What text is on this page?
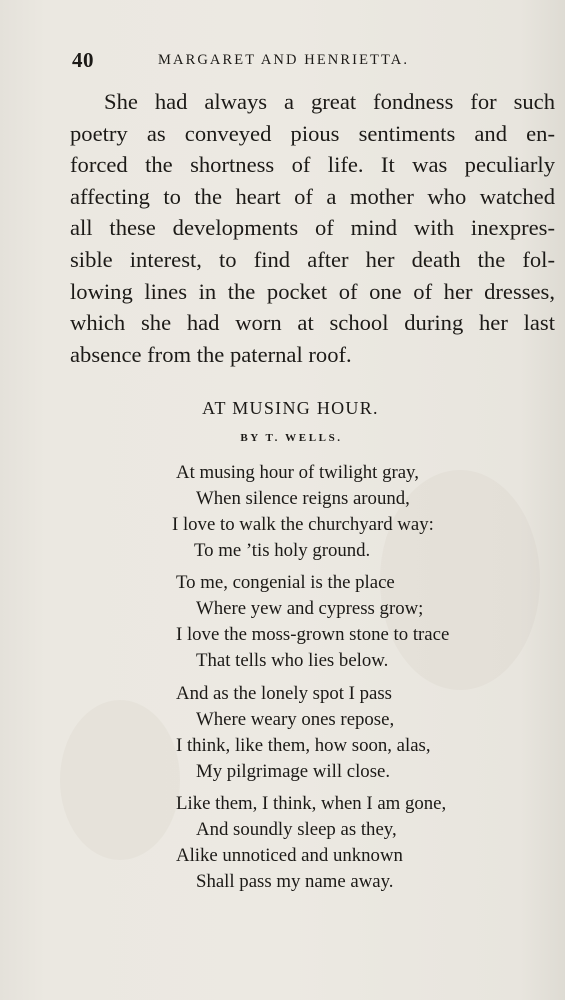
40	MARGARET AND HENRIETTA.
She had always a great fondness for such
poetry as conveyed pious sentiments and en-
forced the shortness of life. It was peculiarly
affecting to the heart of a mother who watched
all these developments of mind with inexpres-
sible interest, to find after her death the fol-
lowing lines in the pocket of one of her dresses,
which she had worn at school during her last
absence from the paternal roof.
AT MUSING HOUR.
BY T. WELLS.
At musing hour of twilight gray,
When silence reigns around,
I love to walk the churchyard way:
To me ’tis holy ground.
To me, congenial is the place
Where yew and cypress grow;
I love the moss-grown stone to trace
That tells who lies below.
And as the lonely spot I pass
Where weary ones repose,
I think, like them, how soon, alas,
My pilgrimage will close.
Like them, I think, when I am gone,
And soundly sleep as they,
Alike unnoticed and unknown
Shall pass my name away.
